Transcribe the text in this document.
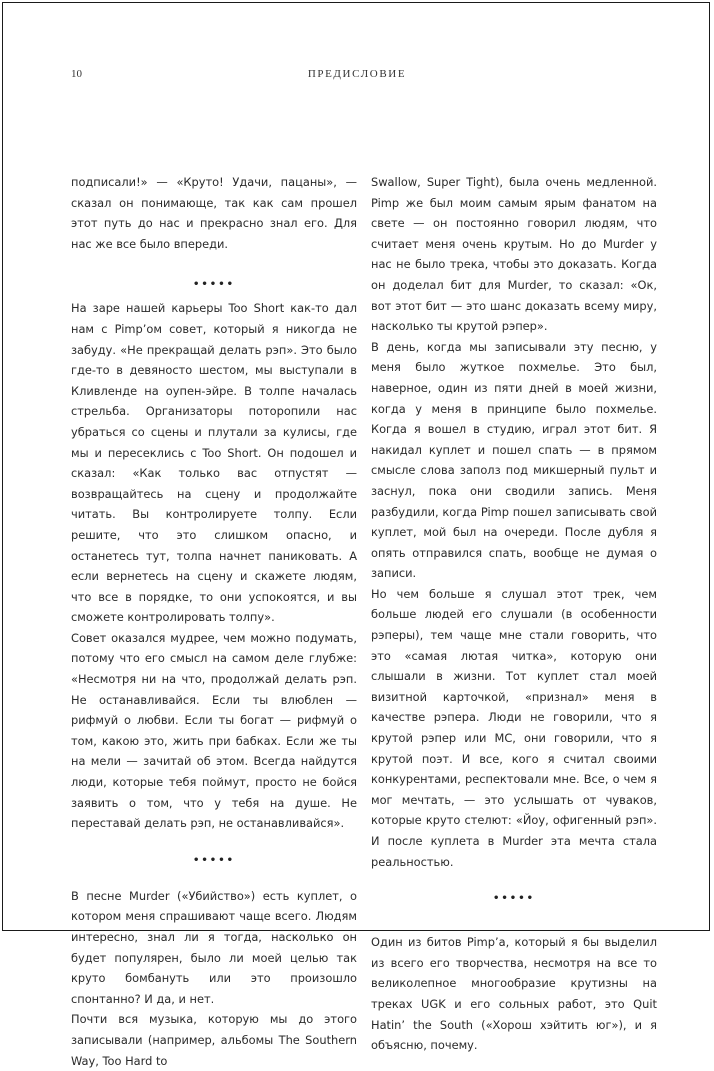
10	ПРЕДИСЛОВИЕ

подписали!» — «Круто! Удачи, пацаны», — сказал он понимающе, так как сам прошел этот путь до нас и прекрасно знал его. Для нас же все было впереди.

•••••

На заре нашей карьеры Too Short как-то дал нам с Pimp’ом совет, который я никогда не забуду. «Не прекращай делать рэп». Это было где-то в девяносто шестом, мы выступали в Кливленде на оупен-эйре. В толпе началась стрельба. Организаторы поторопили нас убраться со сцены и плутали за кулисы, где мы и пересеклись с Too Short. Он подошел и сказал: «Как только вас отпустят — возвращайтесь на сцену и продолжайте читать. Вы контролируете толпу. Если решите, что это слишком опасно, и останетесь тут, толпа начнет паниковать. А если вернетесь на сцену и скажете людям, что все в порядке, то они успокоятся, и вы сможете контролировать толпу».

Совет оказался мудрее, чем можно подумать, потому что его смысл на самом деле глубже: «Несмотря ни на что, продолжай делать рэп. Не останавливайся. Если ты влюблен — рифмуй о любви. Если ты богат — рифмуй о том, какою это, жить при бабках. Если же ты на мели — зачитай об этом. Всегда найдутся люди, которые тебя поймут, просто не бойся заявить о том, что у тебя на душе. Не переставай делать рэп, не останавливайся».

•••••

В песне Murder («Убийство») есть куплет, о котором меня спрашивают чаще всего. Людям интересно, знал ли я тогда, насколько он будет популярен, было ли моей целью так круто бомбануть или это произошло спонтанно? И да, и нет.

Почти вся музыка, которую мы до этого записывали (например, альбомы The Southern Way, Too Hard to

Swallow, Super Tight), была очень медленной. Pimp же был моим самым ярым фанатом на свете — он постоянно говорил людям, что считает меня очень крутым. Но до Murder у нас не было трека, чтобы это доказать. Когда он доделал бит для Murder, то сказал: «Ок, вот этот бит — это шанс доказать всему миру, насколько ты крутой рэпер».

В день, когда мы записывали эту песню, у меня было жуткое похмелье. Это был, наверное, один из пяти дней в моей жизни, когда у меня в принципе было похмелье. Когда я вошел в студию, играл этот бит. Я накидал куплет и пошел спать — в прямом смысле слова заполз под микшерный пульт и заснул, пока они сводили запись. Меня разбудили, когда Pimp пошел записывать свой куплет, мой был на очереди. После дубля я опять отправился спать, вообще не думая о записи.

Но чем больше я слушал этот трек, чем больше людей его слушали (в особенности рэперы), тем чаще мне стали говорить, что это «самая лютая читка», которую они слышали в жизни. Тот куплет стал моей визитной карточкой, «признал» меня в качестве рэпера. Люди не говорили, что я крутой рэпер или MC, они говорили, что я крутой поэт. И все, кого я считал своими конкурентами, респектовали мне. Все, о чем я мог мечтать, — это услышать от чуваков, которые круто стелют: «Йоу, офигенный рэп». И после куплета в Murder эта мечта стала реальностью.

•••••

Один из битов Pimp’а, который я бы выделил из всего его творчества, несмотря на все то великолепное многообразие крутизны на треках UGK и его сольных работ, это Quit Hatin’ the South («Хорош хэйтить юг»), и я объясню, почему.
